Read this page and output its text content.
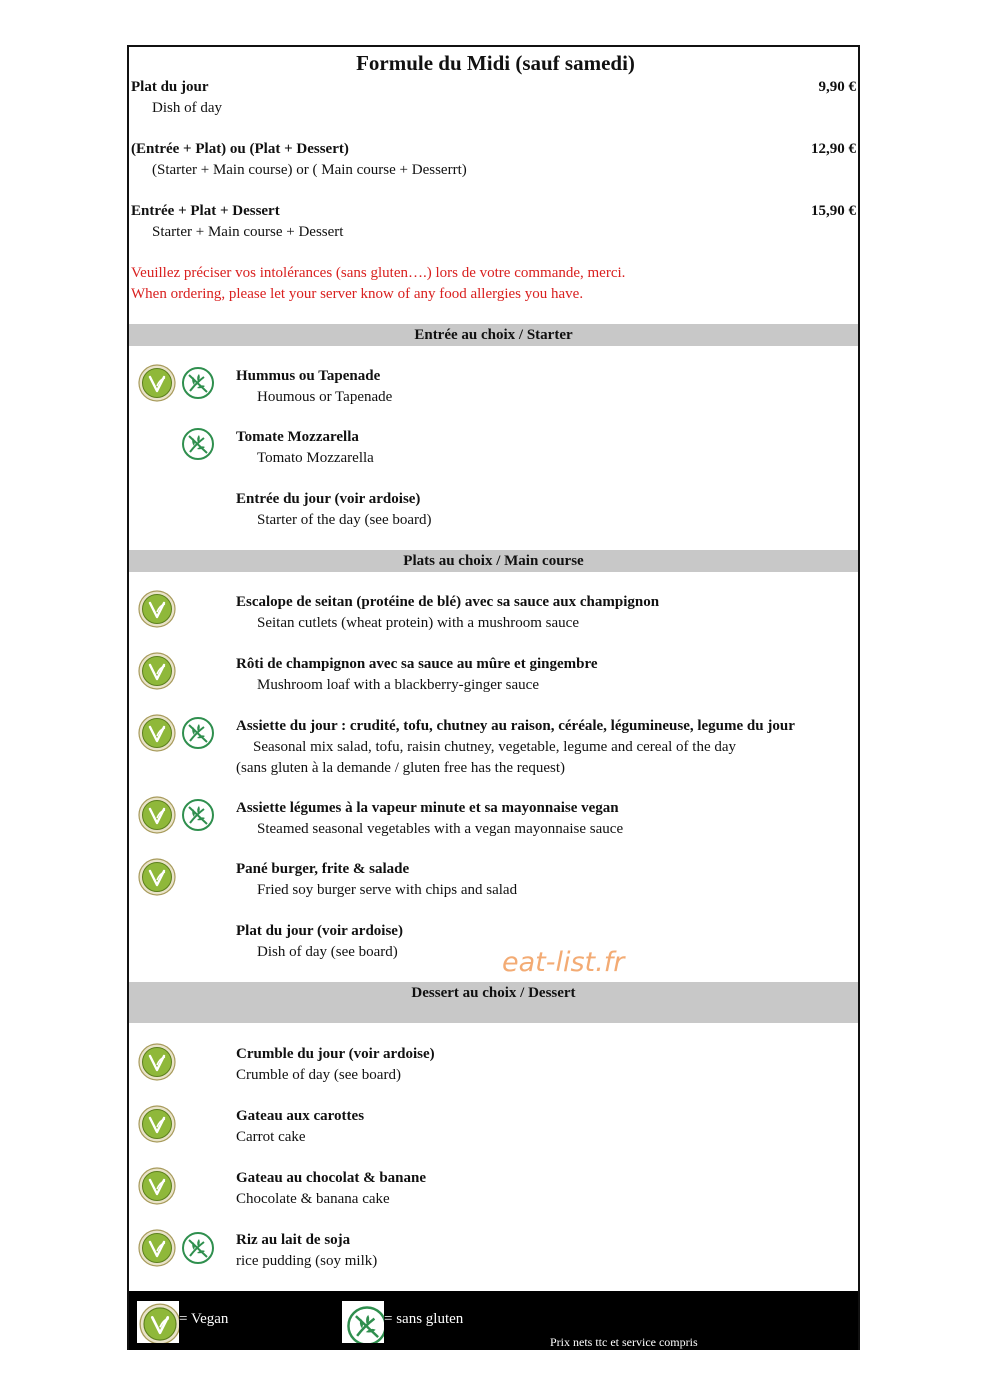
Formule du Midi (sauf samedi)
Plat du jour
Dish of day
9,90 €
(Entrée + Plat) ou (Plat + Dessert)
(Starter + Main course) or ( Main course + Desserrt)
12,90 €
Entrée + Plat + Dessert
Starter + Main course + Dessert
15,90 €
Veuillez préciser vos intolérances (sans gluten….) lors de votre commande, merci.
When ordering, please let your server know of any food allergies you have.
Entrée au choix / Starter
Hummus ou Tapenade
Houmous or Tapenade
Tomate Mozzarella
Tomato Mozzarella
Entrée du jour (voir ardoise)
Starter of the day (see board)
Plats au choix / Main course
Escalope de seitan (protéine de blé) avec sa sauce aux champignon
Seitan cutlets (wheat protein) with a mushroom sauce
Rôti de champignon avec sa sauce au mûre et gingembre
Mushroom loaf with a blackberry-ginger sauce
Assiette du jour : crudité, tofu, chutney au raison, céréale, légumineuse, legume du jour
Seasonal mix salad, tofu, raisin chutney, vegetable, legume and cereal of the day
(sans gluten à la demande / gluten free has the request)
Assiette légumes à la vapeur minute et sa mayonnaise vegan
Steamed seasonal vegetables with a vegan mayonnaise sauce
Pané burger, frite & salade
Fried soy burger serve with chips and salad
Plat du jour (voir ardoise)
Dish of day (see board)	eat-list.fr
Dessert au choix / Dessert
Crumble du jour (voir ardoise)
Crumble of day (see board)
Gateau aux carottes
Carrot cake
Gateau au chocolat & banane
Chocolate & banana cake
Riz au lait de soja
rice pudding (soy milk)
= Vegan	= sans gluten
Prix nets ttc et service compris
